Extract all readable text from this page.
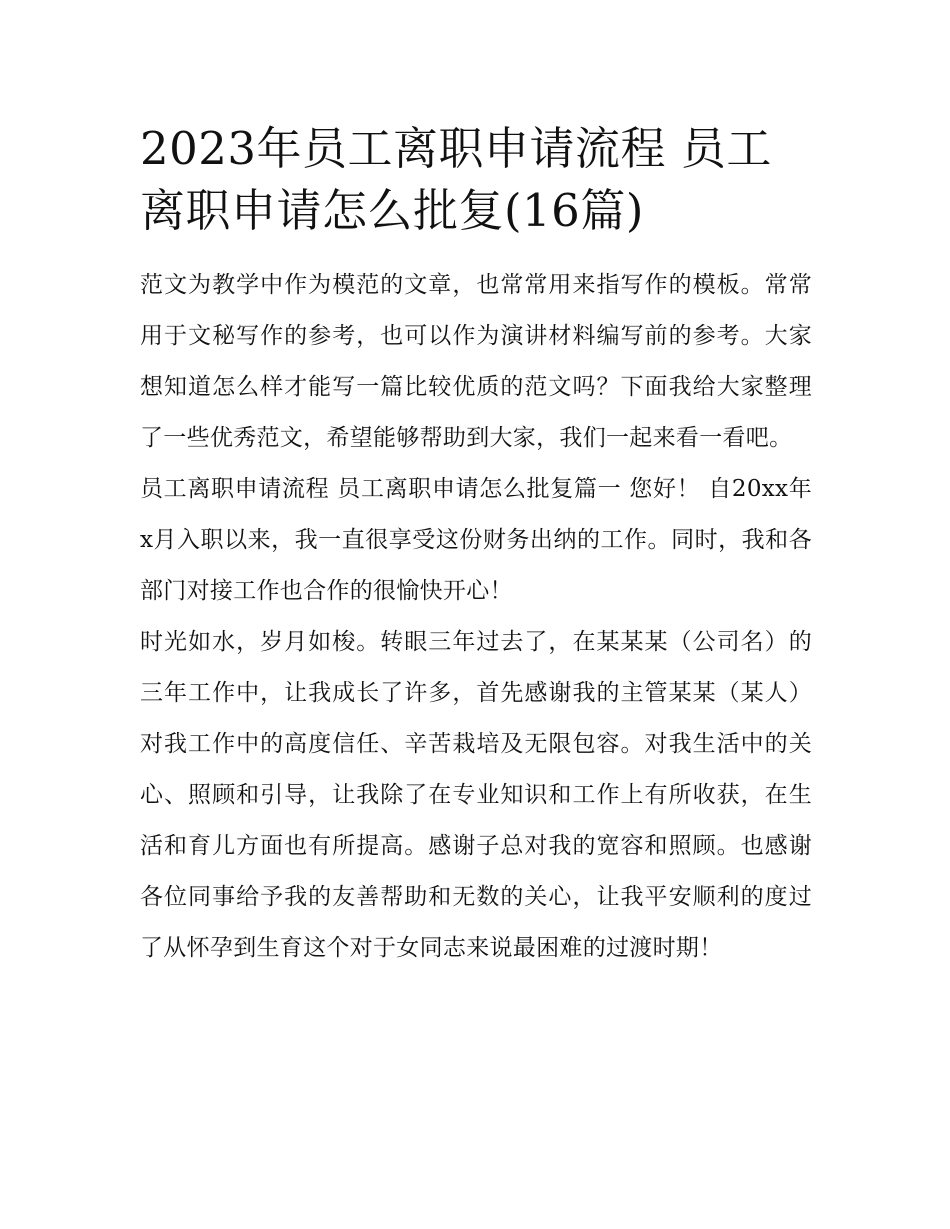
2023年员工离职申请流程 员工离职申请怎么批复(16篇)

范文为教学中作为模范的文章，也常常用来指写作的模板。常常用于文秘写作的参考，也可以作为演讲材料编写前的参考。大家想知道怎么样才能写一篇比较优质的范文吗？下面我给大家整理了一些优秀范文，希望能够帮助到大家，我们一起来看一看吧。

员工离职申请流程 员工离职申请怎么批复篇一 您好！ 自20xx年x月入职以来，我一直很享受这份财务出纳的工作。同时，我和各部门对接工作也合作的很愉快开心！

时光如水，岁月如梭。转眼三年过去了，在某某某（公司名）的三年工作中，让我成长了许多，首先感谢我的主管某某（某人）对我工作中的高度信任、辛苦栽培及无限包容。对我生活中的关心、照顾和引导，让我除了在专业知识和工作上有所收获，在生活和育儿方面也有所提高。感谢子总对我的宽容和照顾。也感谢各位同事给予我的友善帮助和无数的关心，让我平安顺利的度过了从怀孕到生育这个对于女同志来说最困难的过渡时期！
